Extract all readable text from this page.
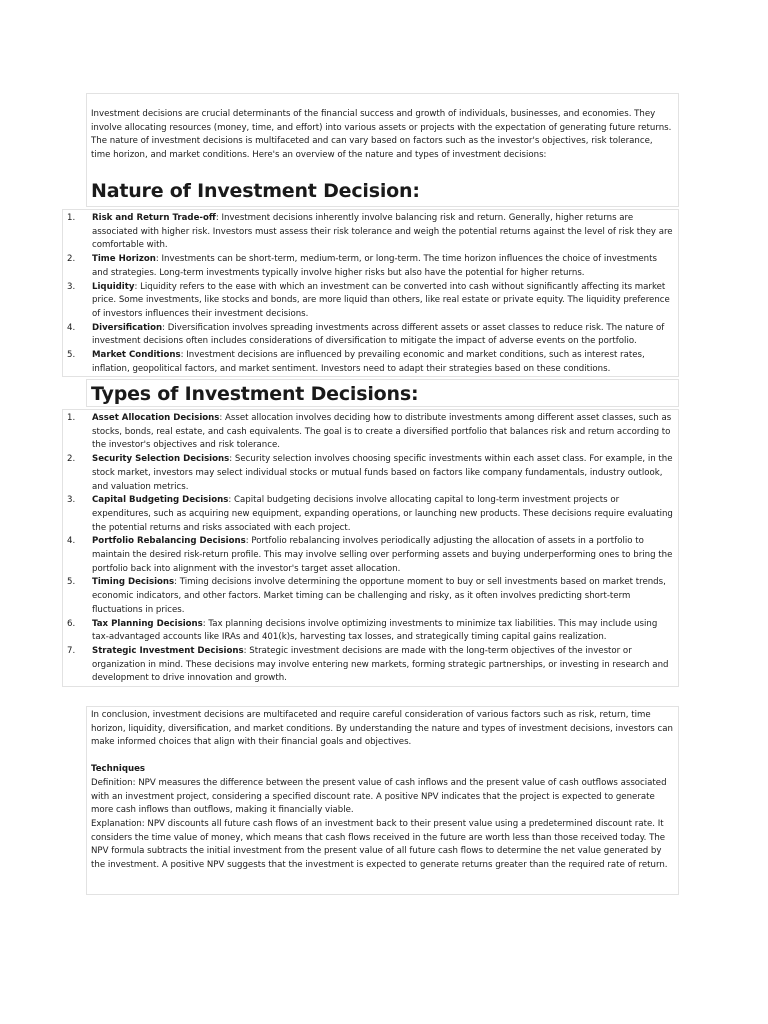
Investment decisions are crucial determinants of the financial success and growth of individuals, businesses, and economies. They involve allocating resources (money, time, and effort) into various assets or projects with the expectation of generating future returns. The nature of investment decisions is multifaceted and can vary based on factors such as the investor's objectives, risk tolerance, time horizon, and market conditions. Here's an overview of the nature and types of investment decisions:

Nature of Investment Decision:
1.	Risk and Return Trade-off: Investment decisions inherently involve balancing risk and return. Generally, higher returns are associated with higher risk. Investors must assess their risk tolerance and weigh the potential returns against the level of risk they are comfortable with.
2.	Time Horizon: Investments can be short-term, medium-term, or long-term. The time horizon influences the choice of investments and strategies. Long-term investments typically involve higher risks but also have the potential for higher returns.
3.	Liquidity: Liquidity refers to the ease with which an investment can be converted into cash without significantly affecting its market price. Some investments, like stocks and bonds, are more liquid than others, like real estate or private equity. The liquidity preference of investors influences their investment decisions.
4.	Diversification: Diversification involves spreading investments across different assets or asset classes to reduce risk. The nature of investment decisions often includes considerations of diversification to mitigate the impact of adverse events on the portfolio.
5.	Market Conditions: Investment decisions are influenced by prevailing economic and market conditions, such as interest rates, inflation, geopolitical factors, and market sentiment. Investors need to adapt their strategies based on these conditions.
Types of Investment Decisions:
1.	Asset Allocation Decisions: Asset allocation involves deciding how to distribute investments among different asset classes, such as stocks, bonds, real estate, and cash equivalents. The goal is to create a diversified portfolio that balances risk and return according to the investor's objectives and risk tolerance.
2.	Security Selection Decisions: Security selection involves choosing specific investments within each asset class. For example, in the stock market, investors may select individual stocks or mutual funds based on factors like company fundamentals, industry outlook, and valuation metrics.
3.	Capital Budgeting Decisions: Capital budgeting decisions involve allocating capital to long-term investment projects or expenditures, such as acquiring new equipment, expanding operations, or launching new products. These decisions require evaluating the potential returns and risks associated with each project.
4.	Portfolio Rebalancing Decisions: Portfolio rebalancing involves periodically adjusting the allocation of assets in a portfolio to maintain the desired risk-return profile. This may involve selling over performing assets and buying underperforming ones to bring the portfolio back into alignment with the investor's target asset allocation.
5.	Timing Decisions: Timing decisions involve determining the opportune moment to buy or sell investments based on market trends, economic indicators, and other factors. Market timing can be challenging and risky, as it often involves predicting short-term fluctuations in prices.
6.	Tax Planning Decisions: Tax planning decisions involve optimizing investments to minimize tax liabilities. This may include using tax-advantaged accounts like IRAs and 401(k)s, harvesting tax losses, and strategically timing capital gains realization.
7.	Strategic Investment Decisions: Strategic investment decisions are made with the long-term objectives of the investor or organization in mind. These decisions may involve entering new markets, forming strategic partnerships, or investing in research and development to drive innovation and growth.

In conclusion, investment decisions are multifaceted and require careful consideration of various factors such as risk, return, time horizon, liquidity, diversification, and market conditions. By understanding the nature and types of investment decisions, investors can make informed choices that align with their financial goals and objectives.

Techniques

Definition: NPV measures the difference between the present value of cash inflows and the present value of cash outflows associated with an investment project, considering a specified discount rate. A positive NPV indicates that the project is expected to generate more cash inflows than outflows, making it financially viable.

Explanation: NPV discounts all future cash flows of an investment back to their present value using a predetermined discount rate. It considers the time value of money, which means that cash flows received in the future are worth less than those received today. The NPV formula subtracts the initial investment from the present value of all future cash flows to determine the net value generated by the investment. A positive NPV suggests that the investment is expected to generate returns greater than the required rate of return.
